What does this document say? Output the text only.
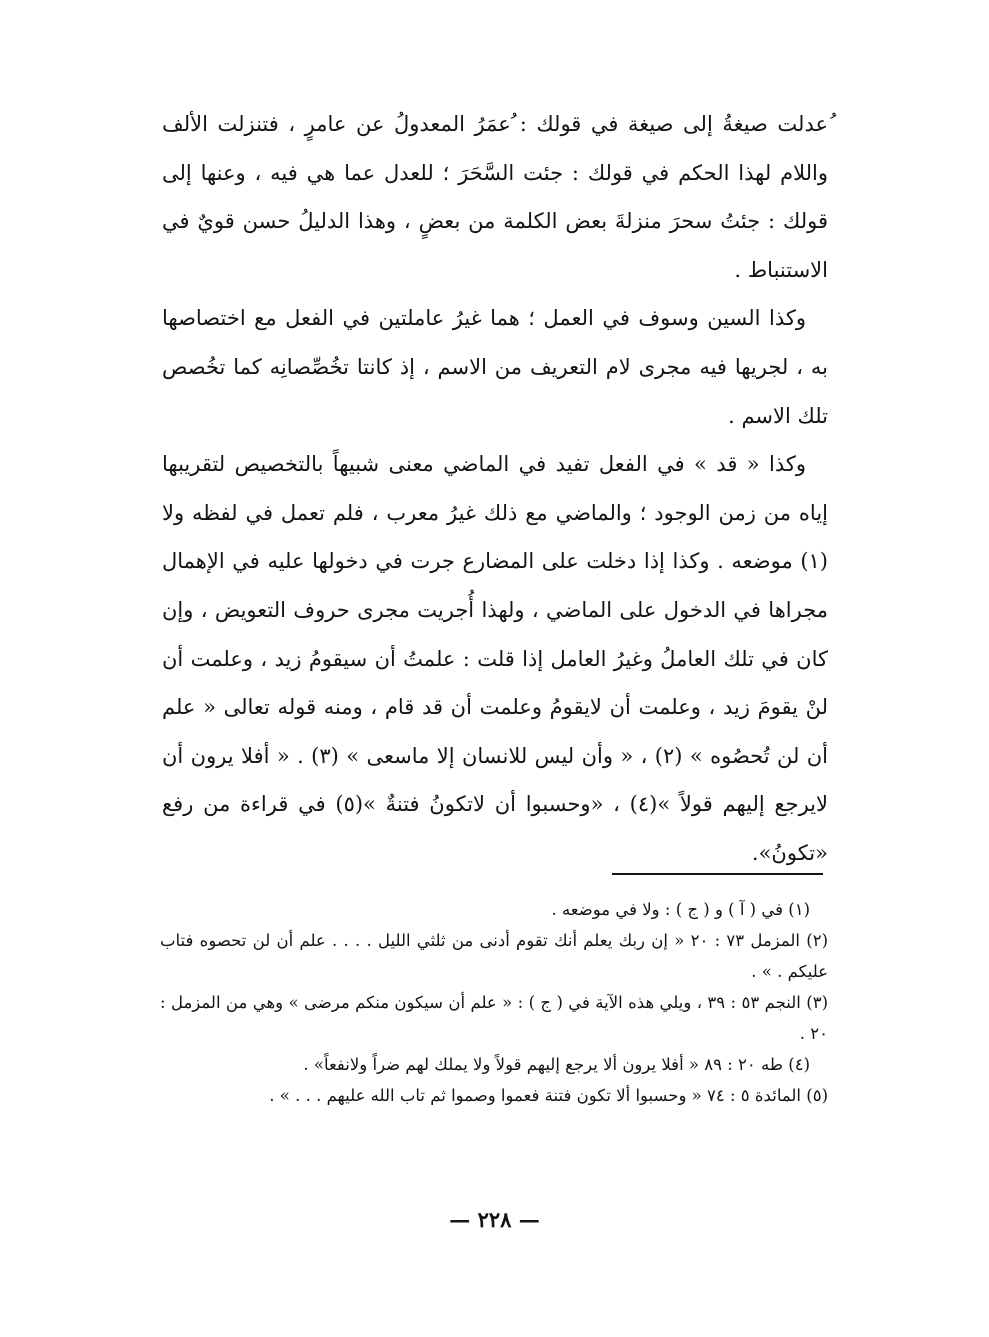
ُعدلت صيغةُ إلى صيغة في قولك : ُعمَرُ المعدولُ عن عامرٍ ، فتنزلت الألف واللام لهذا الحكم في قولك : جئت السَّحَرَ ؛ للعدل عما هي فيه ، وعنها إلى قولك : جئتُ سحرَ منزلةَ بعض الكلمة من بعضٍ ، وهذا الدليلُ حسن قويٌ في الاستنباط .

وكذا السين وسوف في العمل ؛ هما غيرُ عاملتين في الفعل مع اختصاصها به ، لجريها فيه مجرى لام التعريف من الاسم ، إذ كانتا تخُصِّصانِه كما تخُصص تلك الاسم .

وكذا « قد » في الفعل تفيد في الماضي معنى شبيهاً بالتخصيص لتقريبها إياه من زمن الوجود ؛ والماضي مع ذلك غيرُ معرب ، فلم تعمل في لفظه ولا (١) موضعه . وكذا إذا دخلت على المضارع جرت في دخولها عليه في الإهمال مجراها في الدخول على الماضي ، ولهذا أُجريت مجرى حروف التعويض ، وإن كان في تلك العاملُ وغيرُ العامل إذا قلت : علمتُ أن سيقومُ زيد ، وعلمت أن لنْ يقومَ زيد ، وعلمت أن لايقومُ وعلمت أن قد قام ، ومنه قوله تعالى « علم أن لن تُحصُوه » (٢) ، « وأن ليس للانسان إلا ماسعى » (٣) . « أفلا يرون أن لايرجع إليهم قولاً »(٤) ، «وحسبوا أن لاتكونُ فتنةٌ »(٥) في قراءة من رفع «تكونُ».

(١) في ( آ ) و ( ج ) : ولا في موضعه .

(٢) المزمل ٧٣ : ٢٠ « إن ربك يعلم أنك تقوم أدنى من ثلثي الليل . . . . علم أن لن تحصوه فتاب عليكم . » .

(٣) النجم ٥٣ : ٣٩ ، ويلي هذه الآية في ( ج ) : « علم أن سيكون منكم مرضى » وهي من المزمل : ٢٠ .

(٤) طه ٢٠ : ٨٩ « أفلا يرون ألا يرجع إليهم قولاً ولا يملك لهم ضراً ولانفعاً» .

(٥) المائدة ٥ : ٧٤ « وحسبوا ألا تكون فتنة فعموا وصموا ثم تاب الله عليهم . . . » .

— ٢٢٨ —
